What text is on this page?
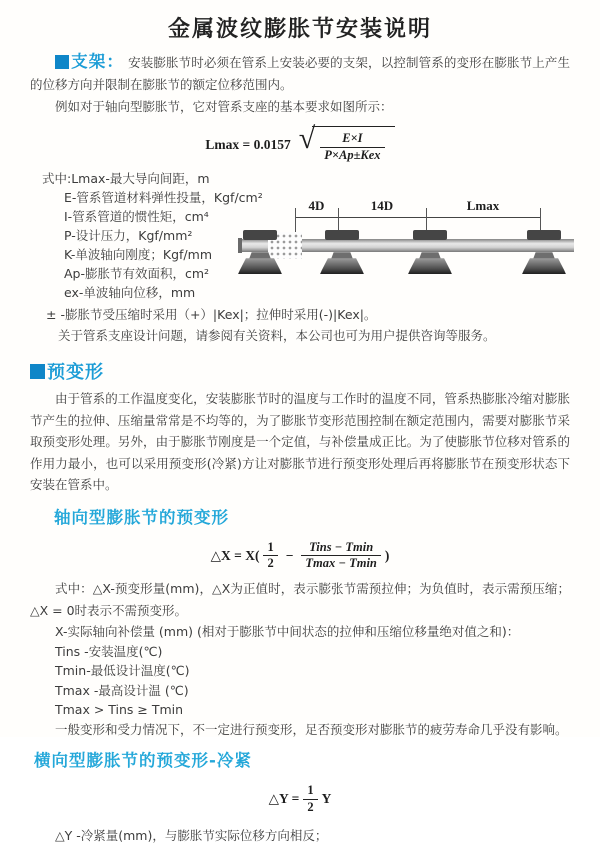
金属波纹膨胀节安装说明

支架： 安装膨胀节时必须在管系上安装必要的支架，以控制管系的变形在膨胀节上产生的位移方向并限制在膨胀节的额定位移范围内。

例如对于轴向型膨胀节，它对管系支座的基本要求如图所示：

Lmax = 0.0157 √ $\frac{E\times I}{\text{P×Ap±Kex}}$

式中:Lmax-最大导向间距，m

E-管系管道材料弹性投量，Kgf/cm²

I-管系管道的惯性矩，cm⁴

P-设计压力，Kgf/mm²

K-单波轴向刚度；Kgf/mm

Ap-膨胀节有效面积，cm²

ex-单波轴向位移，mm

4D	14D	Lmax

± -膨胀节受压缩时采用（+）|Kex|；拉伸时采用(-)|Kex|。

关于管系支座设计问题，请参阅有关资料，本公司也可为用户提供咨询等服务。

预变形

由于管系的工作温度变化，安装膨胀节时的温度与工作时的温度不同，管系热膨胀冷缩对膨胀节产生的拉伸、压缩量常常是不均等的，为了膨胀节变形范围控制在额定范围内，需要对膨胀节采取预变形处理。另外，由于膨胀节刚度是一个定值，与补偿量成正比。为了使膨胀节位移对管系的作用力最小，也可以采用预变形(冷紧)方让对膨胀节进行预变形处理后再将膨胀节在预变形状态下安装在管系中。

轴向型膨胀节的预变形
△X = $X( \frac{1}{2} - \frac{\text{Tins − Tmin}}{Tmax - Tmin}$ )

式中：△X-预变形量(mm)，△X为正值时，表示膨张节需预拉伸；为负值时，表示需预压缩；△X = 0时表示不需预变形。

X-实际轴向补偿量 (mm) (相对于膨胀节中间状态的拉伸和压缩位移量绝对值之和)：

Tins -安装温度(℃)

Tmin-最低设计温度(℃)

Tmax -最高设计温 (℃)

Tmax > Tins ≥ Tmin

一般变形和受力情况下，不一定进行预变形，足否预变形对膨胀节的疲劳寿命几乎没有影响。

横向型膨胀节的预变形-冷紧
△Y = $\frac{1}{2}$ Y

△Y -冷紧量(mm)，与膨胀节实际位移方向相反；
